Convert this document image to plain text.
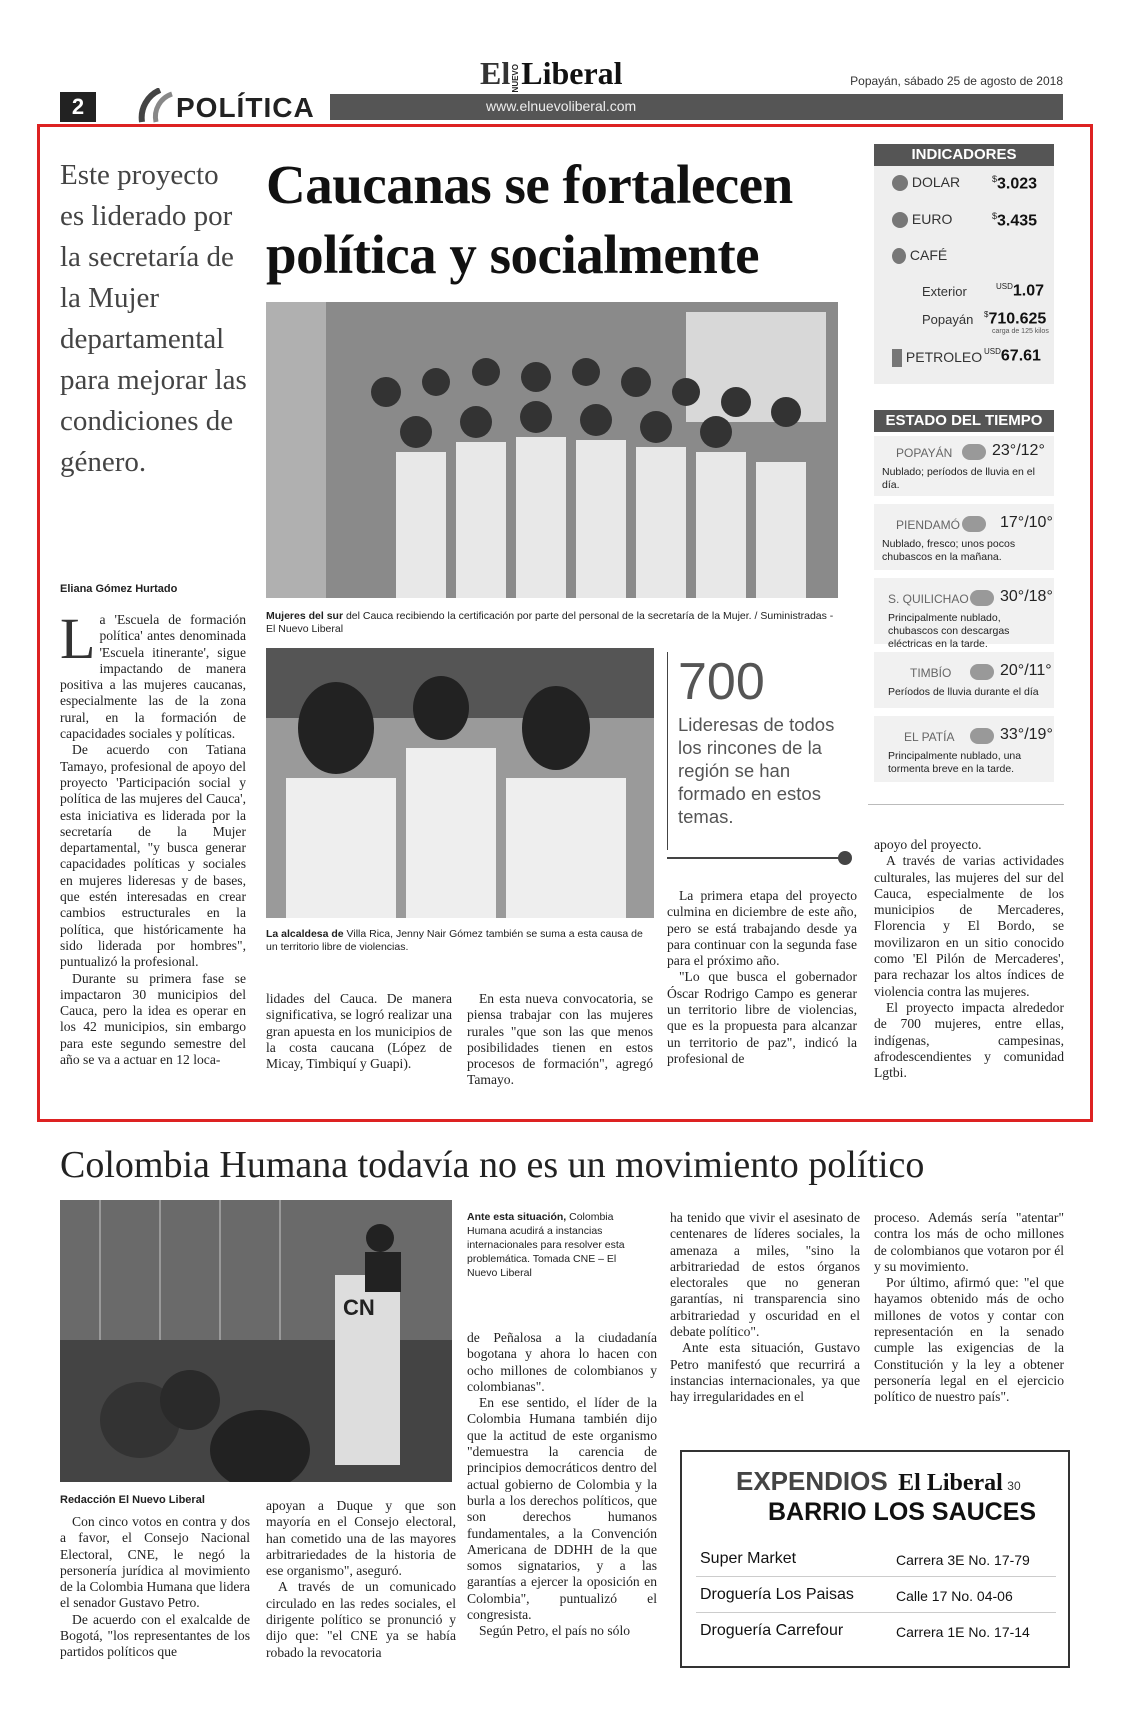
2	POLÍTICA
El NUEVO Liberal	Popayán, sábado 25 de agosto de 2018
www.elnuevoliberal.com
Este proyecto es liderado por la secretaría de la Mujer departamental para mejorar las condiciones de género.
Eliana Gómez Hurtado

La 'Escuela de formación política' antes denominada 'Escuela itinerante', sigue impactando de manera positiva a las mujeres caucanas, especialmente las de la zona rural, en la formación de capacidades sociales y políticas.

De acuerdo con Tatiana Tamayo, profesional de apoyo del proyecto 'Participación social y política de las mujeres del Cauca', esta iniciativa es liderada por la secretaría de la Mujer departamental, "y busca generar capacidades políticas y sociales en mujeres lideresas y de bases, que estén interesadas en crear cambios estructurales en la política, que históricamente ha sido liderada por hombres", puntualizó la profesional.

Durante su primera fase se impactaron 30 municipios del Cauca, pero la idea es operar en los 42 municipios, sin embargo para este segundo semestre del año se va a actuar en 12 loca-

Caucanas se fortalecen política y socialmente
Mujeres del sur del Cauca recibiendo la certificación por parte del personal de la secretaría de la Mujer. / Suministradas - El Nuevo Liberal
La alcaldesa de Villa Rica, Jenny Nair Gómez también se suma a esta causa de un territorio libre de violencias.
700
Lideresas de todos los rincones de la región se han formado en estos temas.

lidades del Cauca. De manera significativa, se logró realizar una gran apuesta en los municipios de la costa caucana (López de Micay, Timbiquí y Guapi).

En esta nueva convocatoria, se piensa trabajar con las mujeres rurales "que son las que menos posibilidades tienen en estos procesos de formación", agregó Tamayo.

La primera etapa del proyecto culmina en diciembre de este año, pero se está trabajando desde ya para continuar con la segunda fase para el próximo año.

"Lo que busca el gobernador Óscar Rodrigo Campo es generar un territorio libre de violencias, que es la propuesta para alcanzar un territorio de paz", indicó la profesional de

apoyo del proyecto.

A través de varias actividades culturales, las mujeres del sur del Cauca, especialmente de los municipios de Mercaderes, Florencia y El Bordo, se movilizaron en un sitio conocido como 'El Pilón de Mercaderes', para rechazar los altos índices de violencia contra las mujeres.

El proyecto impacta alrededor de 700 mujeres, entre ellas, indígenas, campesinas, afrodescendientes y comunidad Lgtbi.

INDICADORES
DOLAR	$3.023
EURO	$3.435
CAFÉ
Exterior	$^{USD}$1.07
Popayán $710.625
carga de 125 kilos
PETROLEO $^{USD}$67.61
ESTADO DEL TIEMPO
POPAYÁN 23°/12°
Nublado; períodos de lluvia en el día.
PIENDAMÓ 17°/10°
Nublado, fresco; unos pocos chubascos en la mañana.
S. QUILICHAO 30°/18°
Principalmente nublado, chubascos con descargas eléctricas en la tarde.
TIMBÍO	20°/11°
Períodos de lluvia durante el día
EL PATÍA	33°/19°
Principalmente nublado, una tormenta breve en la tarde.
Colombia Humana todavía no es un movimiento político
CN
Ante esta situación, Colombia Humana acudirá a instancias internacionales para resolver esta problemática. Tomada CNE – El Nuevo Liberal
Redacción El Nuevo Liberal

Con cinco votos en contra y dos a favor, el Consejo Nacional Electoral, CNE, le negó la personería jurídica al movimiento de la Colombia Humana que lidera el senador Gustavo Petro.

De acuerdo con el exalcalde de Bogotá, "los representantes de los partidos políticos que

apoyan a Duque y que son mayoría en el Consejo electoral, han cometido una de las mayores arbitrariedades de la historia de ese organismo", aseguró.

A través de un comunicado circulado en las redes sociales, el dirigente político se pronunció y dijo que: "el CNE ya se había robado la revocatoria

de Peñalosa a la ciudadanía bogotana y ahora lo hacen con ocho millones de colombianos y colombianas".

En ese sentido, el líder de la Colombia Humana también dijo que la actitud de este organismo "demuestra la carencia de principios democráticos dentro del actual gobierno de Colombia y la burla a los derechos políticos, que son derechos humanos fundamentales, a la Convención Americana de DDHH de la que somos signatarios, y a las garantías a ejercer la oposición en Colombia", puntualizó el congresista.

Según Petro, el país no sólo

ha tenido que vivir el asesinato de centenares de líderes sociales, la amenaza a miles, "sino la arbitrariedad de estos órganos electorales que no generan garantías, ni transparencia sino arbitrariedad y oscuridad en el debate político".

Ante esta situación, Gustavo Petro manifestó que recurrirá a instancias internacionales, ya que hay irregularidades en el

proceso. Además sería "atentar" contra los más de ocho millones de colombianos que votaron por él y su movimiento.

Por último, afirmó que: "el que hayamos obtenido más de ocho millones de votos y contar con representación en la senado cumple las exigencias de la Constitución y la ley a obtener personería legal en el ejercicio político de nuestro país".

EXPENDIOS El Liberal 30
BARRIO LOS SAUCES
Super Market	Carrera 3E No. 17-79
Droguería Los Paisas	Calle 17 No. 04-06
Droguería Carrefour	Carrera 1E No. 17-14
